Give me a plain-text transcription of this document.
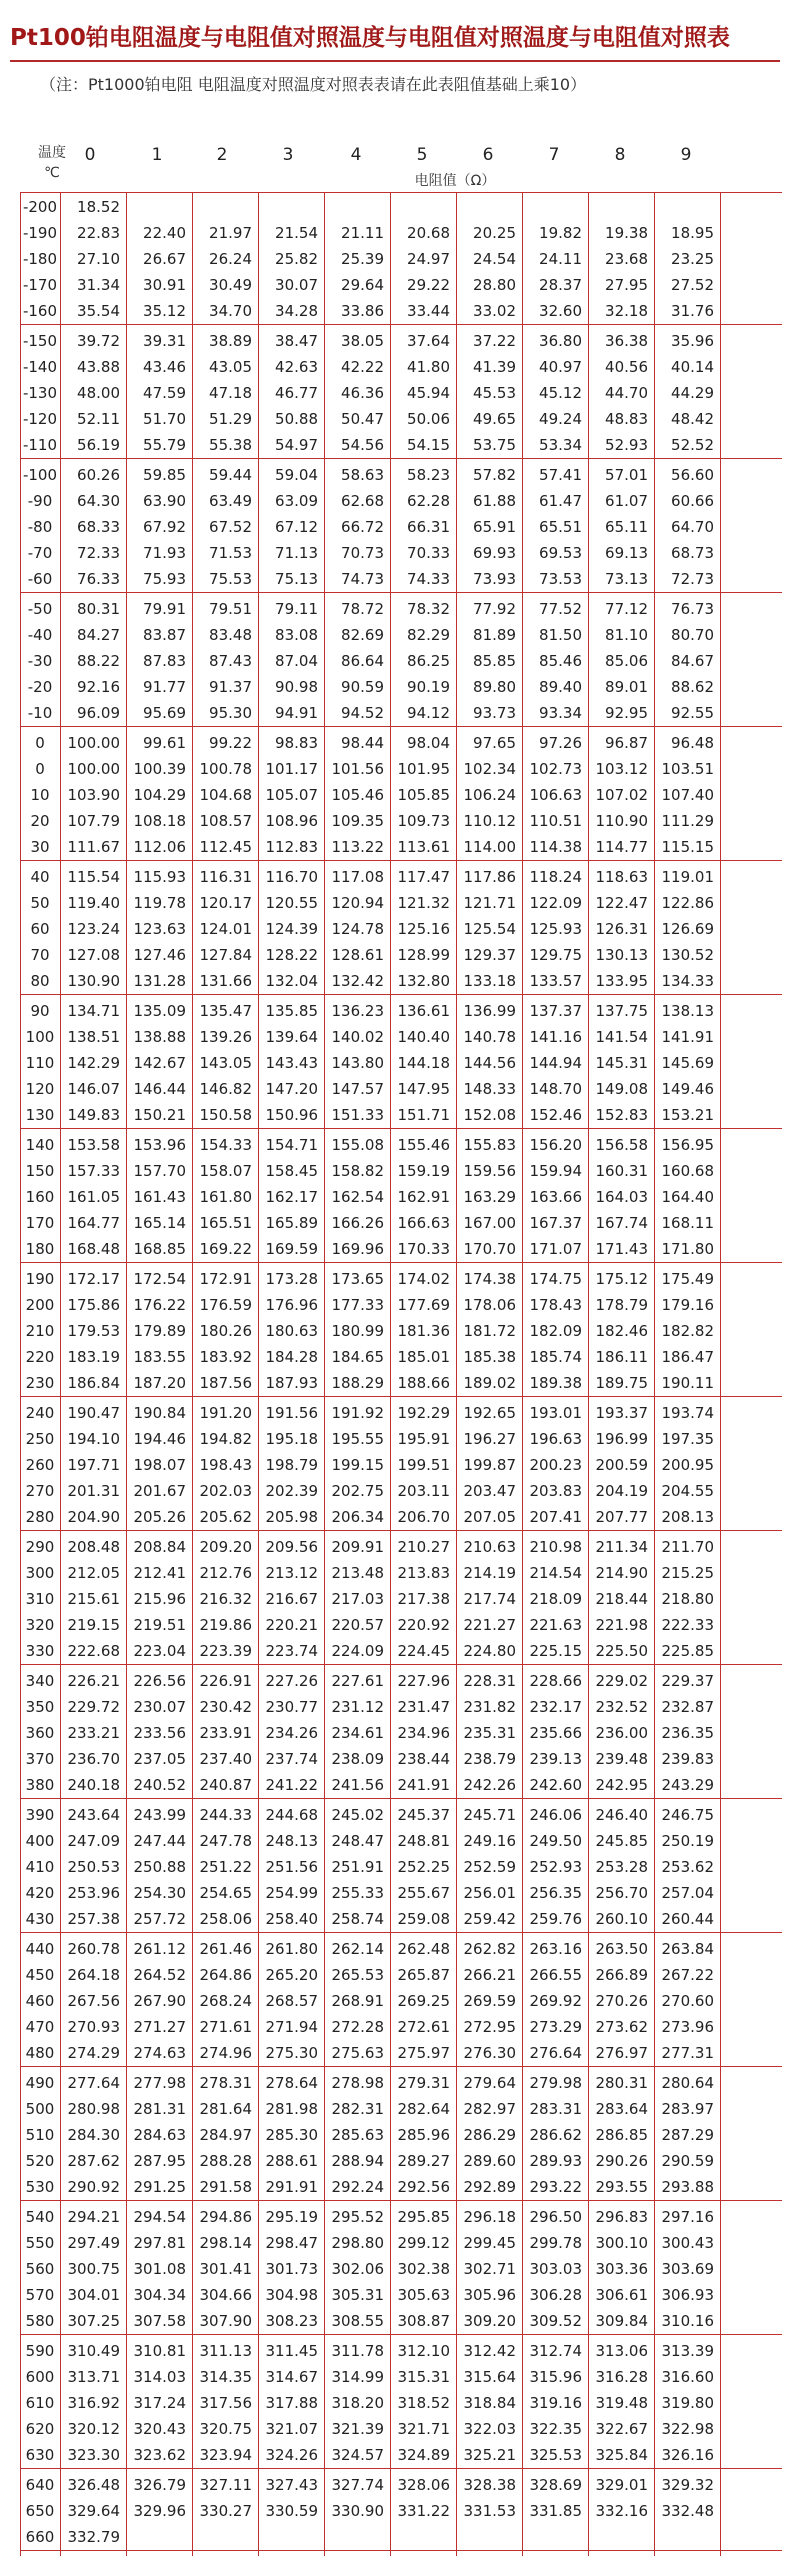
Pt100铂电阻温度与电阻值对照温度与电阻值对照温度与电阻值对照表
（注：Pt1000铂电阻 电阻温度对照温度对照表表请在此表阻值基础上乘10）
温度
℃
0	1	2	3	4	5	6	7	8	9
电阻值（Ω）
-200	18.52
-190	22.83	22.40	21.97	21.54	21.11	20.68	20.25	19.82	19.38	18.95
-180	27.10	26.67	26.24	25.82	25.39	24.97	24.54	24.11	23.68	23.25
-170	31.34	30.91	30.49	30.07	29.64	29.22	28.80	28.37	27.95	27.52
-160	35.54	35.12	34.70	34.28	33.86	33.44	33.02	32.60	32.18	31.76
-150	39.72	39.31	38.89	38.47	38.05	37.64	37.22	36.80	36.38	35.96
-140	43.88	43.46	43.05	42.63	42.22	41.80	41.39	40.97	40.56	40.14
-130	48.00	47.59	47.18	46.77	46.36	45.94	45.53	45.12	44.70	44.29
-120	52.11	51.70	51.29	50.88	50.47	50.06	49.65	49.24	48.83	48.42
-110	56.19	55.79	55.38	54.97	54.56	54.15	53.75	53.34	52.93	52.52
-100	60.26	59.85	59.44	59.04	58.63	58.23	57.82	57.41	57.01	56.60
-90	64.30	63.90	63.49	63.09	62.68	62.28	61.88	61.47	61.07	60.66
-80	68.33	67.92	67.52	67.12	66.72	66.31	65.91	65.51	65.11	64.70
-70	72.33	71.93	71.53	71.13	70.73	70.33	69.93	69.53	69.13	68.73
-60	76.33	75.93	75.53	75.13	74.73	74.33	73.93	73.53	73.13	72.73
-50	80.31	79.91	79.51	79.11	78.72	78.32	77.92	77.52	77.12	76.73
-40	84.27	83.87	83.48	83.08	82.69	82.29	81.89	81.50	81.10	80.70
-30	88.22	87.83	87.43	87.04	86.64	86.25	85.85	85.46	85.06	84.67
-20	92.16	91.77	91.37	90.98	90.59	90.19	89.80	89.40	89.01	88.62
-10	96.09	95.69	95.30	94.91	94.52	94.12	93.73	93.34	92.95	92.55
0	100.00	99.61	99.22	98.83	98.44	98.04	97.65	97.26	96.87	96.48
0	100.00 100.39 100.78 101.17 101.56 101.95 102.34 102.73 103.12 103.51
10	103.90 104.29 104.68 105.07 105.46 105.85 106.24 106.63 107.02 107.40
20	107.79 108.18 108.57 108.96 109.35 109.73 110.12 110.51 110.90 111.29
30	111.67 112.06 112.45 112.83 113.22 113.61 114.00 114.38 114.77 115.15
40	115.54 115.93 116.31 116.70 117.08 117.47 117.86 118.24 118.63 119.01
50	119.40 119.78 120.17 120.55 120.94 121.32 121.71 122.09 122.47 122.86
60	123.24 123.63 124.01 124.39 124.78 125.16 125.54 125.93 126.31 126.69
70	127.08 127.46 127.84 128.22 128.61 128.99 129.37 129.75 130.13 130.52
80	130.90 131.28 131.66 132.04 132.42 132.80 133.18 133.57 133.95 134.33
90	134.71 135.09 135.47 135.85 136.23 136.61 136.99 137.37 137.75 138.13
100 138.51 138.88 139.26 139.64 140.02 140.40 140.78 141.16 141.54 141.91
110 142.29 142.67 143.05 143.43 143.80 144.18 144.56 144.94 145.31 145.69
120 146.07 146.44 146.82 147.20 147.57 147.95 148.33 148.70 149.08 149.46
130 149.83 150.21 150.58 150.96 151.33 151.71 152.08 152.46 152.83 153.21
140 153.58 153.96 154.33 154.71 155.08 155.46 155.83 156.20 156.58 156.95
150 157.33 157.70 158.07 158.45 158.82 159.19 159.56 159.94 160.31 160.68
160 161.05 161.43 161.80 162.17 162.54 162.91 163.29 163.66 164.03 164.40
170 164.77 165.14 165.51 165.89 166.26 166.63 167.00 167.37 167.74 168.11
180 168.48 168.85 169.22 169.59 169.96 170.33 170.70 171.07 171.43 171.80
190 172.17 172.54 172.91 173.28 173.65 174.02 174.38 174.75 175.12 175.49
200 175.86 176.22 176.59 176.96 177.33 177.69 178.06 178.43 178.79 179.16
210 179.53 179.89 180.26 180.63 180.99 181.36 181.72 182.09 182.46 182.82
220 183.19 183.55 183.92 184.28 184.65 185.01 185.38 185.74 186.11 186.47
230 186.84 187.20 187.56 187.93 188.29 188.66 189.02 189.38 189.75 190.11
240 190.47 190.84 191.20 191.56 191.92 192.29 192.65 193.01 193.37 193.74
250 194.10 194.46 194.82 195.18 195.55 195.91 196.27 196.63 196.99 197.35
260 197.71 198.07 198.43 198.79 199.15 199.51 199.87 200.23 200.59 200.95
270 201.31 201.67 202.03 202.39 202.75 203.11 203.47 203.83 204.19 204.55
280 204.90 205.26 205.62 205.98 206.34 206.70 207.05 207.41 207.77 208.13
290 208.48 208.84 209.20 209.56 209.91 210.27 210.63 210.98 211.34 211.70
300 212.05 212.41 212.76 213.12 213.48 213.83 214.19 214.54 214.90 215.25
310 215.61 215.96 216.32 216.67 217.03 217.38 217.74 218.09 218.44 218.80
320 219.15 219.51 219.86 220.21 220.57 220.92 221.27 221.63 221.98 222.33
330 222.68 223.04 223.39 223.74 224.09 224.45 224.80 225.15 225.50 225.85
340 226.21 226.56 226.91 227.26 227.61 227.96 228.31 228.66 229.02 229.37
350 229.72 230.07 230.42 230.77 231.12 231.47 231.82 232.17 232.52 232.87
360 233.21 233.56 233.91 234.26 234.61 234.96 235.31 235.66 236.00 236.35
370 236.70 237.05 237.40 237.74 238.09 238.44 238.79 239.13 239.48 239.83
380 240.18 240.52 240.87 241.22 241.56 241.91 242.26 242.60 242.95 243.29
390 243.64 243.99 244.33 244.68 245.02 245.37 245.71 246.06 246.40 246.75
400 247.09 247.44 247.78 248.13 248.47 248.81 249.16 249.50 245.85 250.19
410 250.53 250.88 251.22 251.56 251.91 252.25 252.59 252.93 253.28 253.62
420 253.96 254.30 254.65 254.99 255.33 255.67 256.01 256.35 256.70 257.04
430 257.38 257.72 258.06 258.40 258.74 259.08 259.42 259.76 260.10 260.44
440 260.78 261.12 261.46 261.80 262.14 262.48 262.82 263.16 263.50 263.84
450 264.18 264.52 264.86 265.20 265.53 265.87 266.21 266.55 266.89 267.22
460 267.56 267.90 268.24 268.57 268.91 269.25 269.59 269.92 270.26 270.60
470 270.93 271.27 271.61 271.94 272.28 272.61 272.95 273.29 273.62 273.96
480 274.29 274.63 274.96 275.30 275.63 275.97 276.30 276.64 276.97 277.31
490 277.64 277.98 278.31 278.64 278.98 279.31 279.64 279.98 280.31 280.64
500 280.98 281.31 281.64 281.98 282.31 282.64 282.97 283.31 283.64 283.97
510 284.30 284.63 284.97 285.30 285.63 285.96 286.29 286.62 286.85 287.29
520 287.62 287.95 288.28 288.61 288.94 289.27 289.60 289.93 290.26 290.59
530 290.92 291.25 291.58 291.91 292.24 292.56 292.89 293.22 293.55 293.88
540 294.21 294.54 294.86 295.19 295.52 295.85 296.18 296.50 296.83 297.16
550 297.49 297.81 298.14 298.47 298.80 299.12 299.45 299.78 300.10 300.43
560 300.75 301.08 301.41 301.73 302.06 302.38 302.71 303.03 303.36 303.69
570 304.01 304.34 304.66 304.98 305.31 305.63 305.96 306.28 306.61 306.93
580 307.25 307.58 307.90 308.23 308.55 308.87 309.20 309.52 309.84 310.16
590 310.49 310.81 311.13 311.45 311.78 312.10 312.42 312.74 313.06 313.39
600 313.71 314.03 314.35 314.67 314.99 315.31 315.64 315.96 316.28 316.60
610 316.92 317.24 317.56 317.88 318.20 318.52 318.84 319.16 319.48 319.80
620 320.12 320.43 320.75 321.07 321.39 321.71 322.03 322.35 322.67 322.98
630 323.30 323.62 323.94 324.26 324.57 324.89 325.21 325.53 325.84 326.16
640 326.48 326.79 327.11 327.43 327.74 328.06 328.38 328.69 329.01 329.32
650 329.64 329.96 330.27 330.59 330.90 331.22 331.53 331.85 332.16 332.48
660 332.79
